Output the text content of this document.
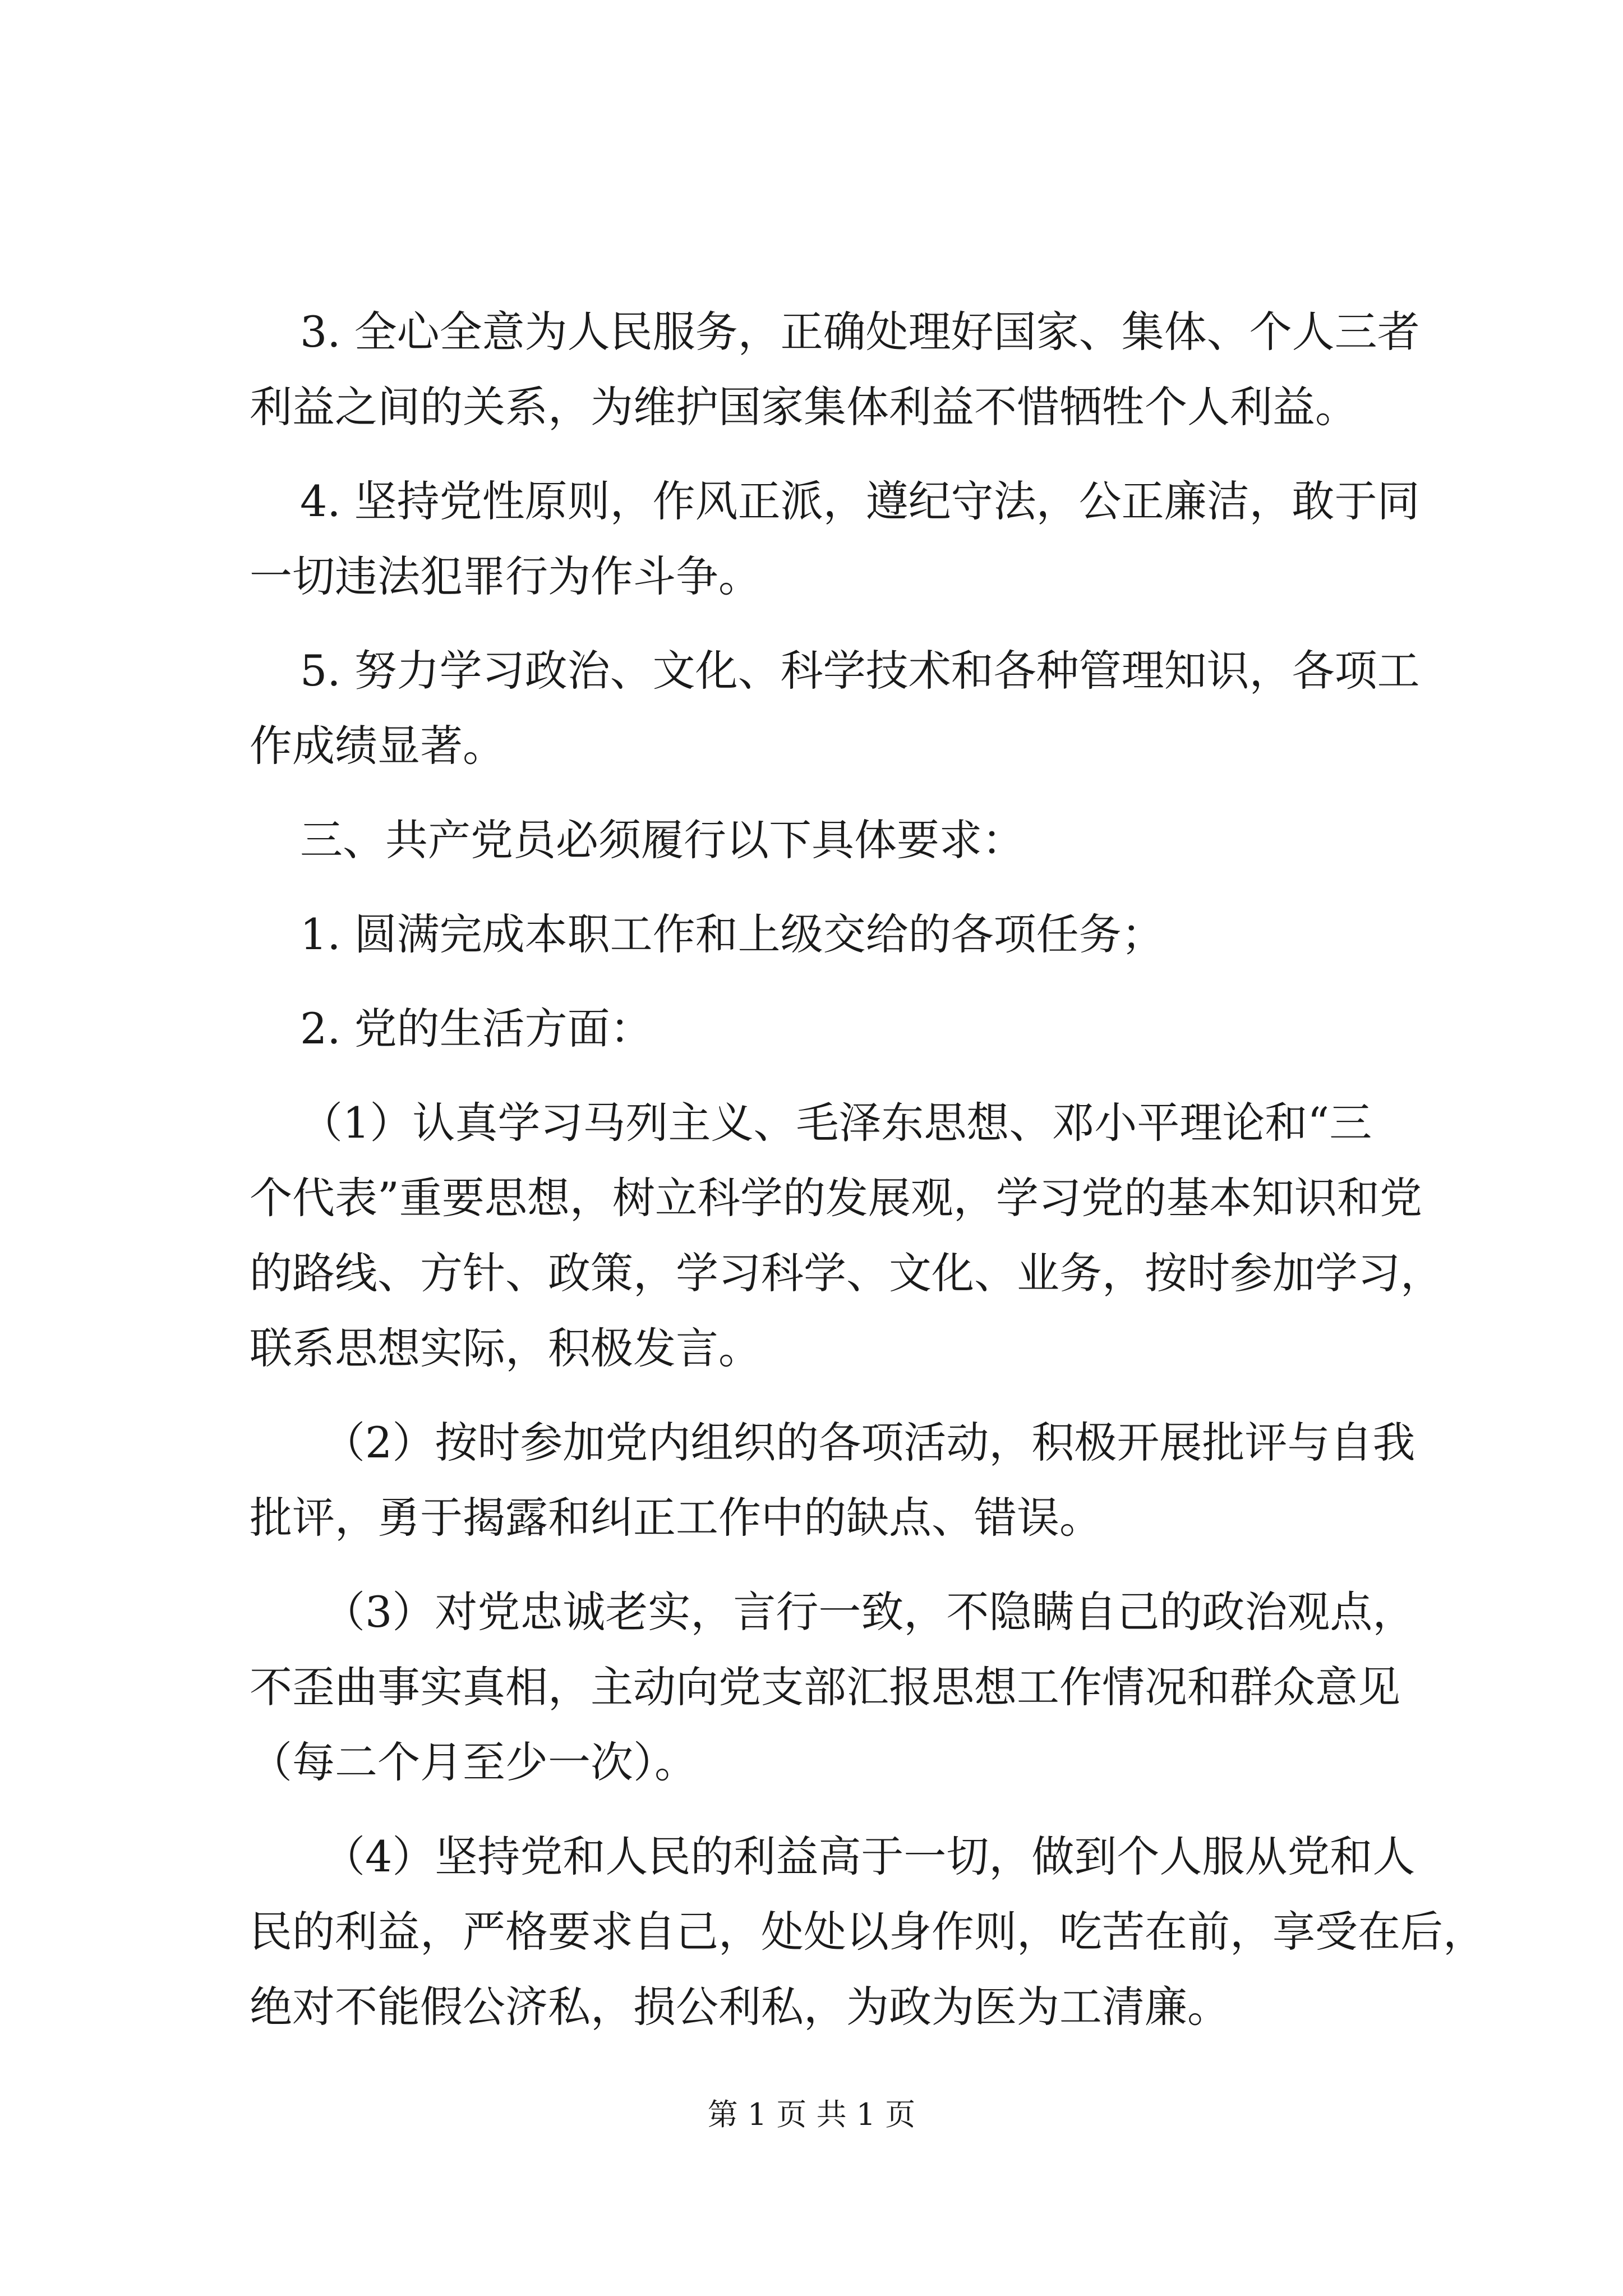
3. 全心全意为人民服务，正确处理好国家、集体、个人三者
利益之间的关系，为维护国家集体利益不惜牺牲个人利益。

4. 坚持党性原则，作风正派，遵纪守法，公正廉洁，敢于同
一切违法犯罪行为作斗争。

5. 努力学习政治、文化、科学技术和各种管理知识，各项工
作成绩显著。

三、共产党员必须履行以下具体要求：

1. 圆满完成本职工作和上级交给的各项任务；

2. 党的生活方面：

（1）认真学习马列主义、毛泽东思想、邓小平理论和“三
个代表”重要思想，树立科学的发展观，学习党的基本知识和党
的路线、方针、政策，学习科学、文化、业务，按时参加学习，
联系思想实际，积极发言。

（2）按时参加党内组织的各项活动，积极开展批评与自我
批评，勇于揭露和纠正工作中的缺点、错误。

（3）对党忠诚老实，言行一致，不隐瞒自己的政治观点，
不歪曲事实真相，主动向党支部汇报思想工作情况和群众意见
（每二个月至少一次）。

（4）坚持党和人民的利益高于一切，做到个人服从党和人
民的利益，严格要求自己，处处以身作则，吃苦在前，享受在后，
绝对不能假公济私，损公利私，为政为医为工清廉。

第 1 页 共 1 页
